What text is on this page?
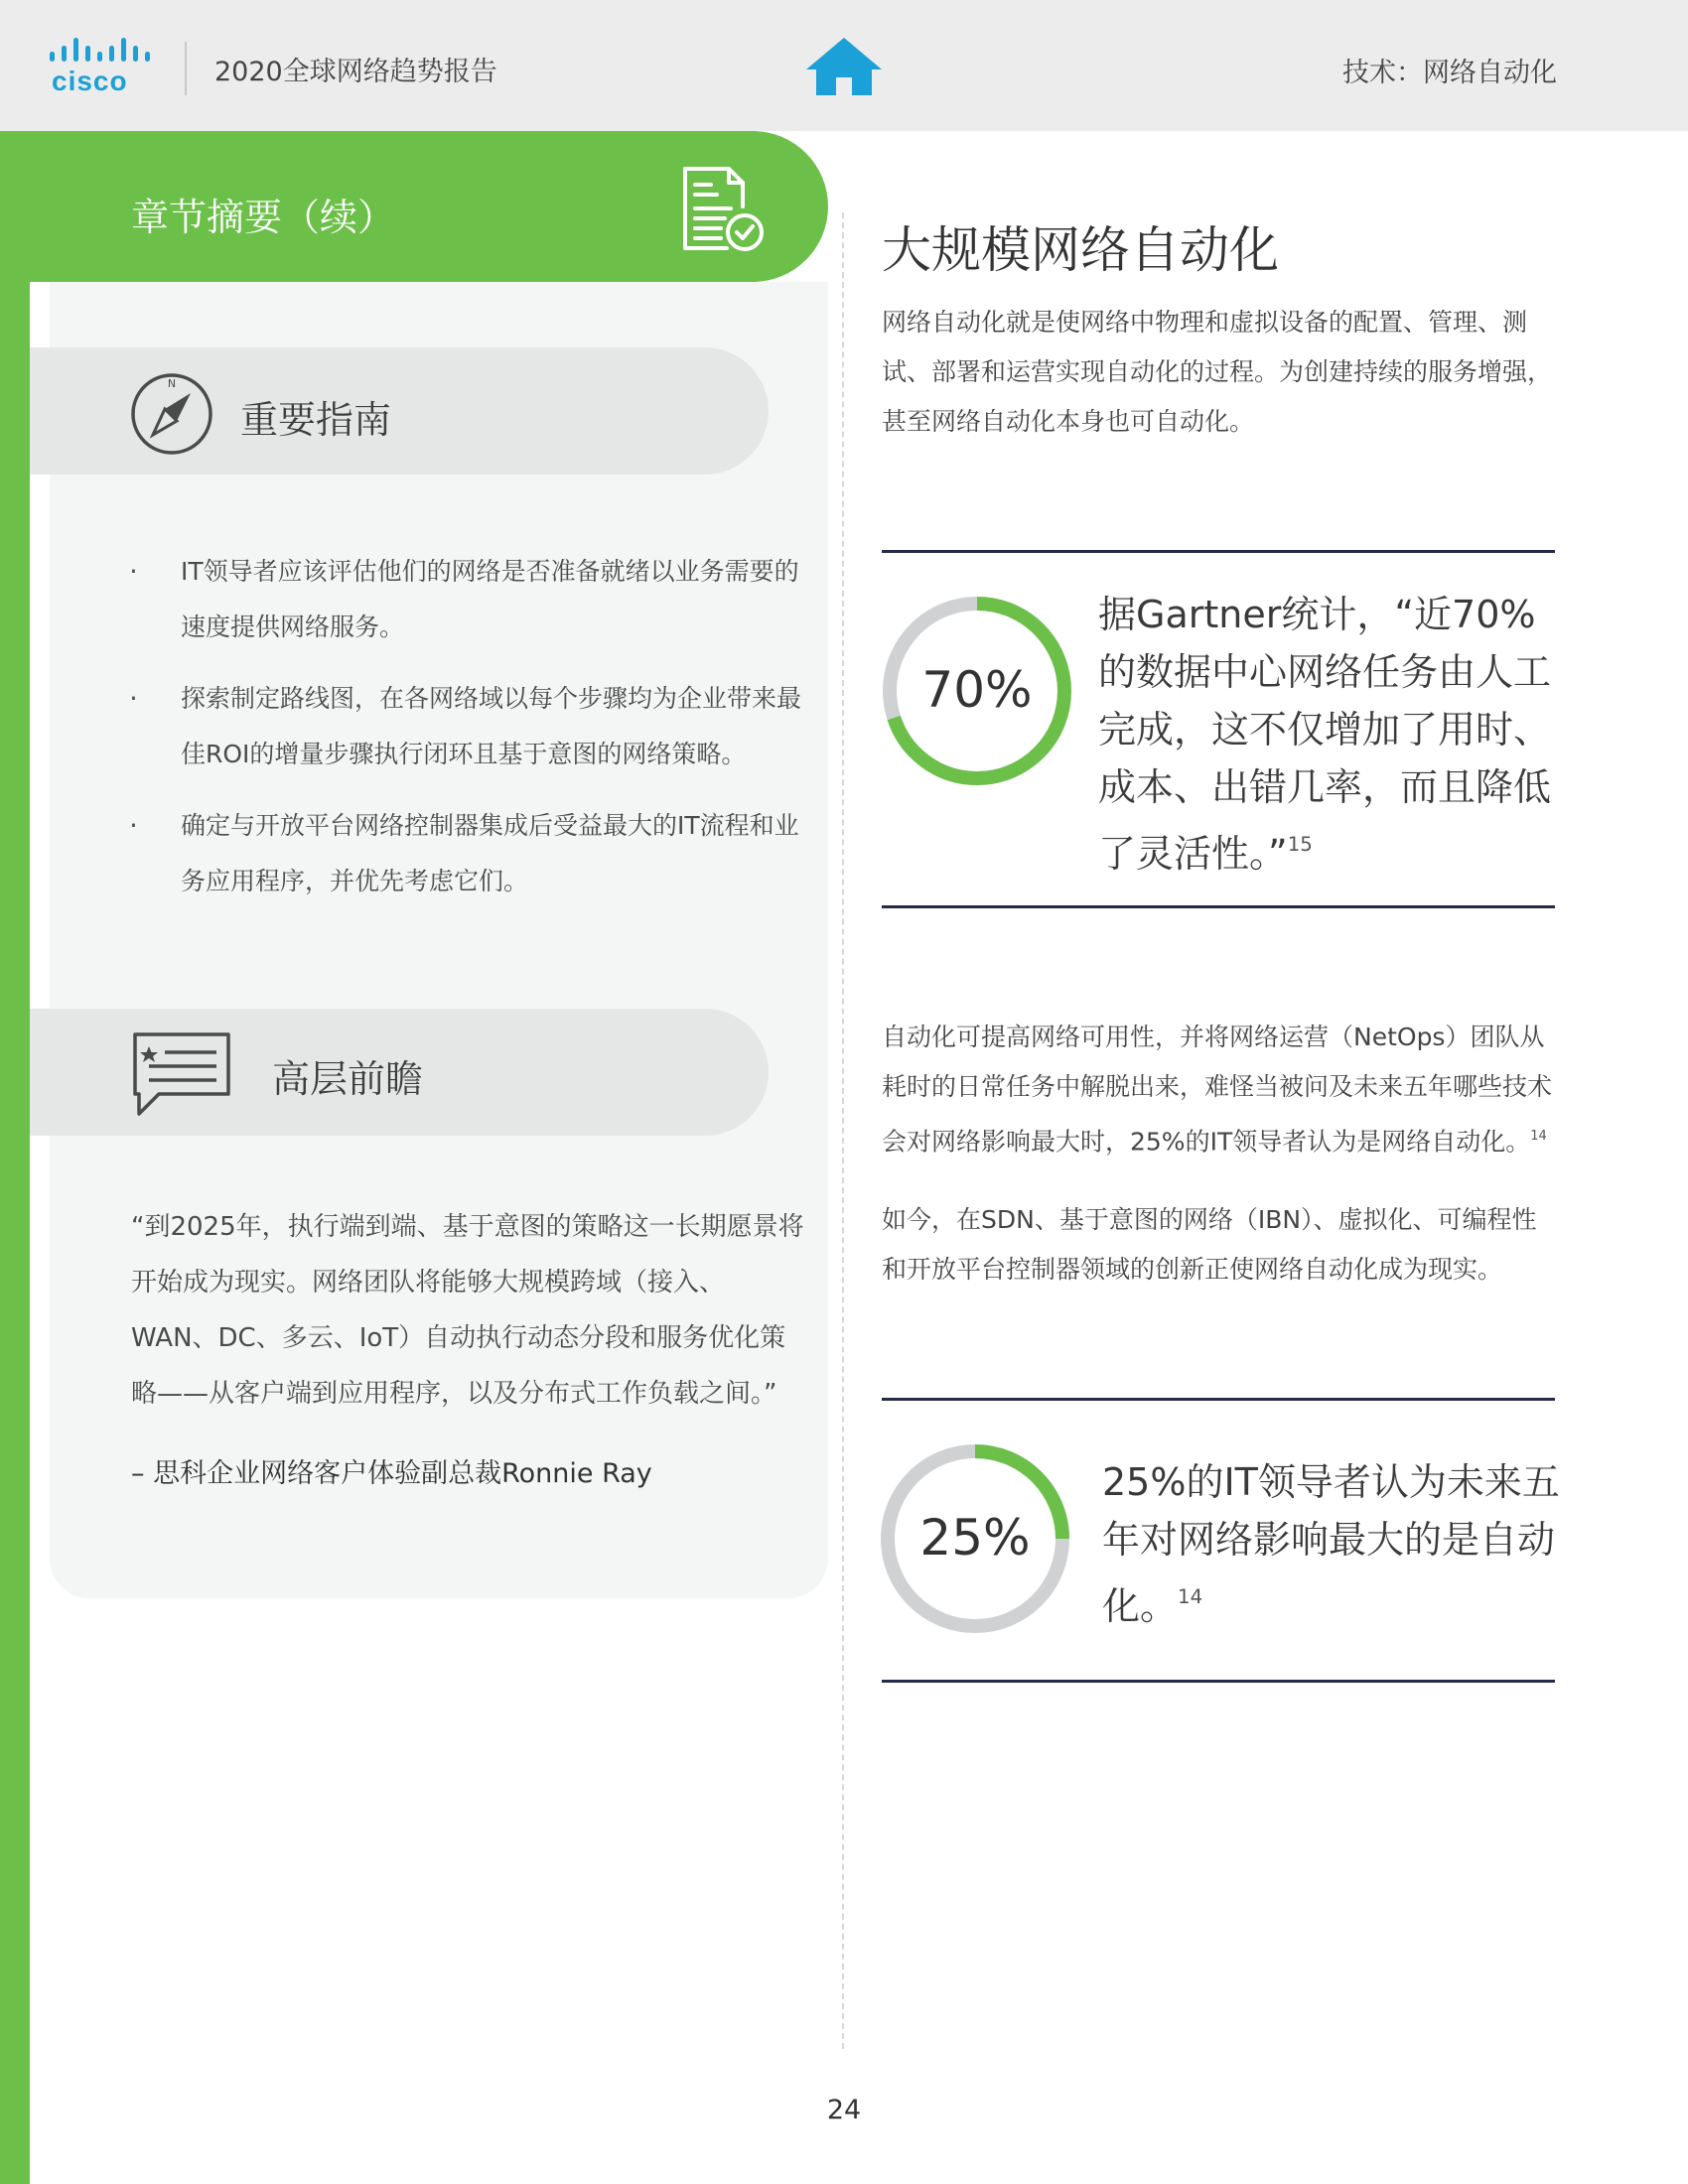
cisco	2020全球网络趋势报告	技术：网络自动化
章节摘要（续）
N
重要指南
· IT领导者应该评估他们的网络是否准备就绪以业务需要的速度提供网络服务。
· 探索制定路线图，在各网络域以每个步骤均为企业带来最佳ROI的增量步骤执行闭环且基于意图的网络策略。
· 确定与开放平台网络控制器集成后受益最大的IT流程和业务应用程序，并优先考虑它们。
高层前瞻

“到2025年，执行端到端、基于意图的策略这一长期愿景将开始成为现实。网络团队将能够大规模跨域（接入、WAN、DC、多云、IoT）自动执行动态分段和服务优化策略——从客户端到应用程序，以及分布式工作负载之间。”

– 思科企业网络客户体验副总裁Ronnie Ray
大规模网络自动化

网络自动化就是使网络中物理和虚拟设备的配置、管理、测试、部署和运营实现自动化的过程。为创建持续的服务增强，甚至网络自动化本身也可自动化。

70%

据Gartner统计，“近70%的数据中心网络任务由人工完成，这不仅增加了用时、成本、出错几率，而且降低了灵活性。”$^{15}$

自动化可提高网络可用性，并将网络运营（NetOps）团队从耗时的日常任务中解脱出来，难怪当被问及未来五年哪些技术会对网络影响最大时，25%的IT领导者认为是网络自动化。$^{14}$

如今，在SDN、基于意图的网络（IBN）、虚拟化、可编程性和开放平台控制器领域的创新正使网络自动化成为现实。

25%

25%的IT领导者认为未来五年对网络影响最大的是自动化。$^{14}$

24
